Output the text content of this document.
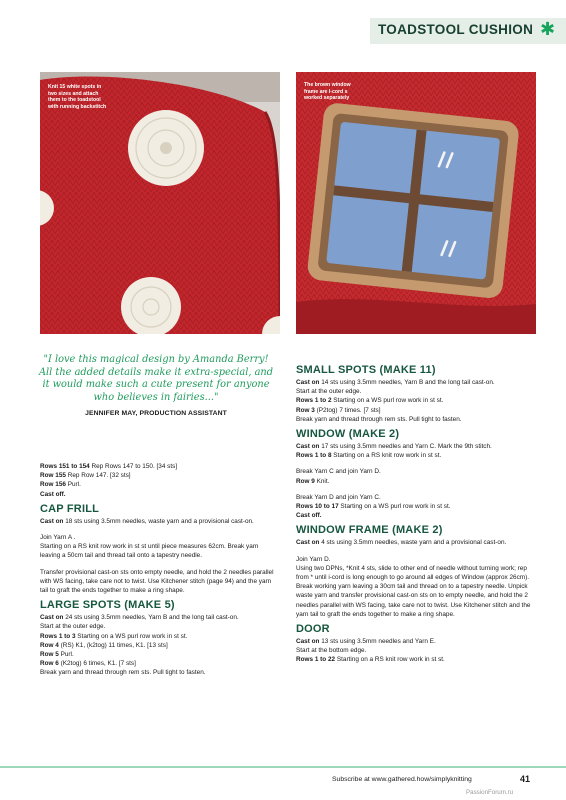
TOADSTOOL CUSHION ✱
Knit 15 white spots in
two sizes and attach
them to the toadstool
with running backstitch
The brown window
frame are I-cord s
worked separately
"I love this magical design by Amanda Berry! All the added details make it extra-special, and it would make such a cute present for anyone who believes in fairies..."
JENNIFER MAY, PRODUCTION ASSISTANT

Rows 151 to 154 Rep Rows 147 to 150. [34 sts]

Row 155 Rep Row 147. [32 sts]

Row 156 Purl.

Cast off.

CAP FRILL

Cast on 18 sts using 3.5mm needles, waste yarn and a provisional cast-on.

Join Yarn A .

Starting on a RS knit row work in st st until piece measures 62cm. Break yarn leaving a 50cm tail and thread tail onto a tapestry needle.

Transfer provisional cast-on sts onto empty needle, and hold the 2 needles parallel with WS facing, take care not to twist. Use Kitchener stitch (page 94) and the yarn tail to graft the ends together to make a ring shape.

LARGE SPOTS (MAKE 5)

Cast on 24 sts using 3.5mm needles, Yarn B and the long tail cast-on.

Start at the outer edge.

Rows 1 to 3 Starting on a WS purl row work in st st.

Row 4 (RS) K1, (k2tog) 11 times, K1. [13 sts]

Row 5 Purl.

Row 6 (K2tog) 6 times, K1. [7 sts]

Break yarn and thread through rem sts. Pull tight to fasten.

SMALL SPOTS (MAKE 11)

Cast on 14 sts using 3.5mm needles, Yarn B and the long tail cast-on.

Start at the outer edge.

Rows 1 to 2 Starting on a WS purl row work in st st.

Row 3 (P2tog) 7 times. [7 sts]

Break yarn and thread through rem sts. Pull tight to fasten.

WINDOW (MAKE 2)

Cast on 17 sts using 3.5mm needles and Yarn C. Mark the 9th stitch.

Rows 1 to 8 Starting on a RS knit row work in st st.

Break Yarn C and join Yarn D.

Row 9 Knit.

Break Yarn D and join Yarn C.

Rows 10 to 17 Starting on a WS purl row work in st st.

Cast off.

WINDOW FRAME (MAKE 2)

Cast on 4 sts using 3.5mm needles, waste yarn and a provisional cast-on.

Join Yarn D.

Using two DPNs, *Knit 4 sts, slide to other end of needle without turning work; rep from * until i-cord is long enough to go around all edges of Window (approx 26cm). Break working yarn leaving a 30cm tail and thread on to a tapestry needle. Unpick waste yarn and transfer provisional cast-on sts on to empty needle, and hold the 2 needles parallel with WS facing, take care not to twist. Use Kitchener stitch and the yarn tail to graft the ends together to make a ring shape.

DOOR

Cast on 13 sts using 3.5mm needles and Yarn E.

Start at the bottom edge.

Rows 1 to 22 Starting on a RS knit row work in st st.

Subscribe at www.gathered.how/simplyknitting	41
PassionForum.ru
